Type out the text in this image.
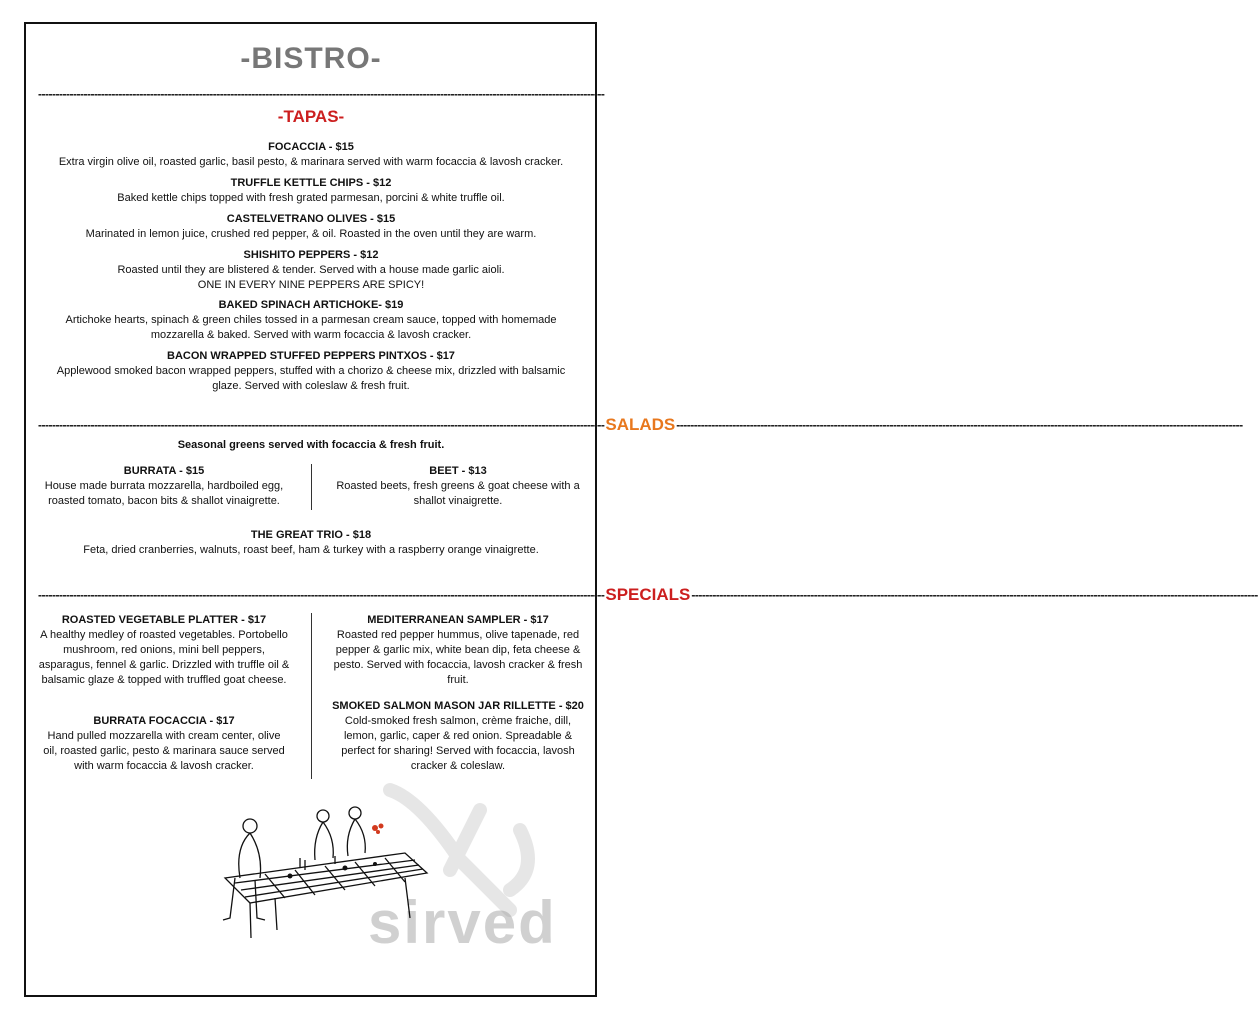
-BISTRO-
------------------------------------------------------------------------------------------------------------------------------------------------------------------
-TAPAS-
FOCACCIA - $15
Extra virgin olive oil, roasted garlic, basil pesto, & marinara served with warm focaccia & lavosh cracker.
TRUFFLE KETTLE CHIPS - $12
Baked kettle chips topped with fresh grated parmesan, porcini & white truffle oil.
CASTELVETRANO OLIVES - $15
Marinated in lemon juice, crushed red pepper, & oil. Roasted in the oven until they are warm.
SHISHITO PEPPERS - $12
Roasted until they are blistered & tender. Served with a house made garlic aioli.
ONE IN EVERY NINE PEPPERS ARE SPICY!
BAKED SPINACH ARTICHOKE- $19
Artichoke hearts, spinach & green chiles tossed in a parmesan cream sauce, topped with homemade mozzarella & baked. Served with warm focaccia & lavosh cracker.
BACON WRAPPED STUFFED PEPPERS PINTXOS - $17
Applewood smoked bacon wrapped peppers, stuffed with a chorizo & cheese mix, drizzled with balsamic glaze. Served with coleslaw & fresh fruit.
------------------------------------------------------------------------------------------------------------------------------------------------------------------ SALADS ------------------------------------------------------------------------------------------------------------------------------------------------------------------
Seasonal greens served with focaccia & fresh fruit.
BURRATA - $15
House made burrata mozzarella, hardboiled egg, roasted tomato, bacon bits & shallot vinaigrette.
BEET - $13
Roasted beets, fresh greens & goat cheese with a shallot vinaigrette.
THE GREAT TRIO - $18
Feta, dried cranberries, walnuts, roast beef, ham & turkey with a raspberry orange vinaigrette.
------------------------------------------------------------------------------------------------------------------------------------------------------------------ SPECIALS ------------------------------------------------------------------------------------------------------------------------------------------------------------------
ROASTED VEGETABLE PLATTER - $17
A healthy medley of roasted vegetables. Portobello mushroom, red onions, mini bell peppers, asparagus, fennel & garlic. Drizzled with truffle oil & balsamic glaze & topped with truffled goat cheese.
BURRATA FOCACCIA - $17
Hand pulled mozzarella with cream center, olive oil, roasted garlic, pesto & marinara sauce served with warm focaccia & lavosh cracker.
MEDITERRANEAN SAMPLER - $17
Roasted red pepper hummus, olive tapenade, red pepper & garlic mix, white bean dip, feta cheese & pesto. Served with focaccia, lavosh cracker & fresh fruit.
SMOKED SALMON MASON JAR RILLETTE - $20
Cold-smoked fresh salmon, crème fraiche, dill, lemon, garlic, caper & red onion. Spreadable & perfect for sharing! Served with focaccia, lavosh cracker & coleslaw.
sirved
